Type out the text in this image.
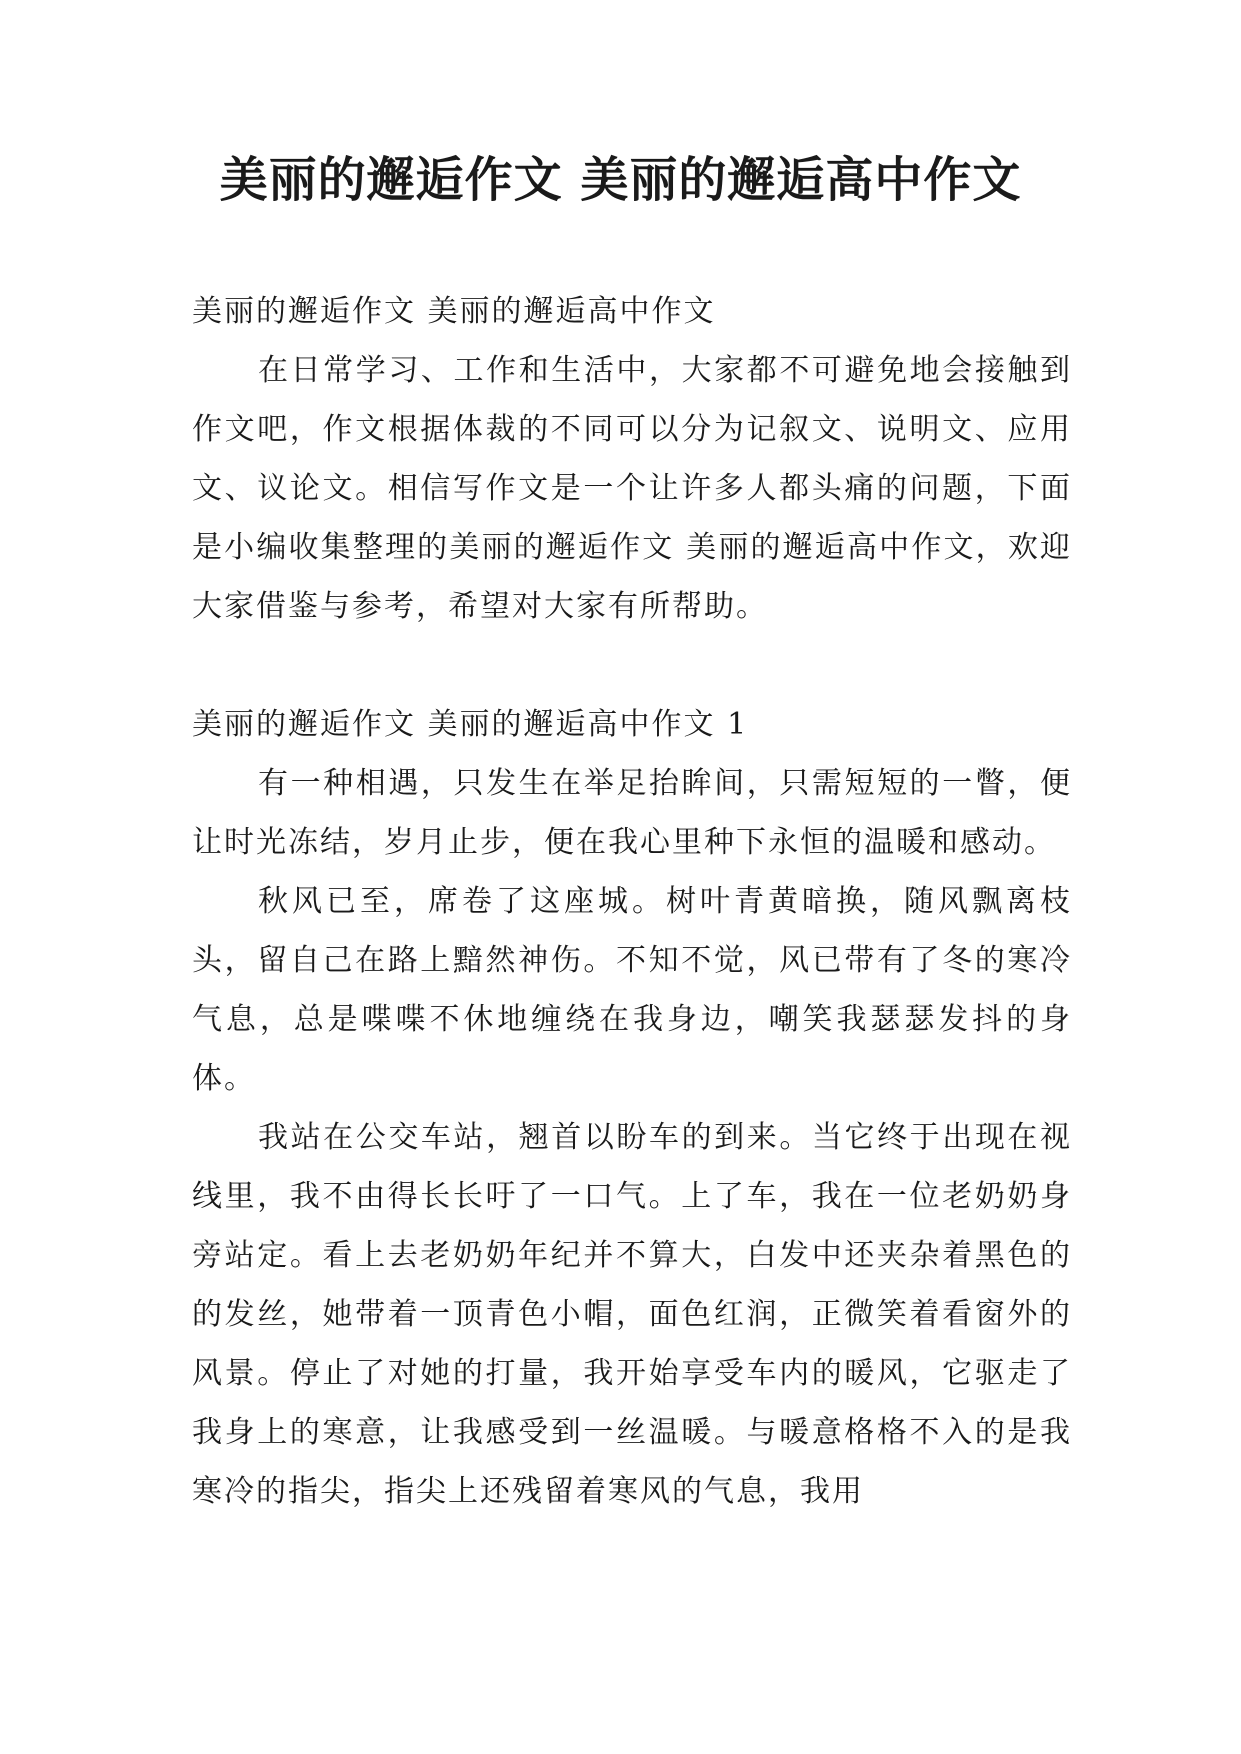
美丽的邂逅作文 美丽的邂逅高中作文

美丽的邂逅作文 美丽的邂逅高中作文

在日常学习、工作和生活中，大家都不可避免地会接触到作文吧，作文根据体裁的不同可以分为记叙文、说明文、应用文、议论文。相信写作文是一个让许多人都头痛的问题，下面是小编收集整理的美丽的邂逅作文 美丽的邂逅高中作文，欢迎大家借鉴与参考，希望对大家有所帮助。

美丽的邂逅作文 美丽的邂逅高中作文 1

有一种相遇，只发生在举足抬眸间，只需短短的一瞥，便让时光冻结，岁月止步，便在我心里种下永恒的温暖和感动。

秋风已至，席卷了这座城。树叶青黄暗换，随风飘离枝头，留自己在路上黯然神伤。不知不觉，风已带有了冬的寒冷气息，总是喋喋不休地缠绕在我身边，嘲笑我瑟瑟发抖的身体。

我站在公交车站，翘首以盼车的到来。当它终于出现在视线里，我不由得长长吁了一口气。上了车，我在一位老奶奶身旁站定。看上去老奶奶年纪并不算大，白发中还夹杂着黑色的的发丝，她带着一顶青色小帽，面色红润，正微笑着看窗外的风景。停止了对她的打量，我开始享受车内的暖风，它驱走了我身上的寒意，让我感受到一丝温暖。与暖意格格不入的是我寒冷的指尖，指尖上还残留着寒风的气息，我用
